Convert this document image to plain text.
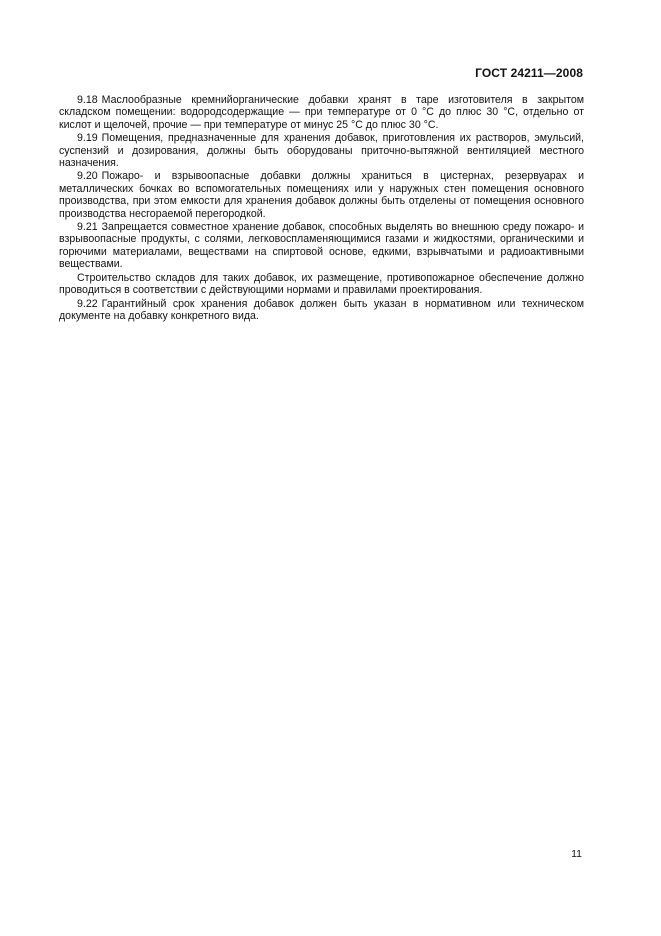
ГОСТ 24211—2008

9.18 Маслообразные кремнийорганические добавки хранят в таре изготовителя в закрытом складском помещении: водородсодержащие — при температуре от 0 °С до плюс 30 °С, отдельно от кислот и щелочей, прочие — при температуре от минус 25 °С до плюс 30 °С.

9.19 Помещения, предназначенные для хранения добавок, приготовления их растворов, эмульсий, суспензий и дозирования, должны быть оборудованы приточно-вытяжной вентиляцией местного назначения.

9.20 Пожаро- и взрывоопасные добавки должны храниться в цистернах, резервуарах и металлических бочках во вспомогательных помещениях или у наружных стен помещения основного производства, при этом емкости для хранения добавок должны быть отделены от помещения основного производства несгораемой перегородкой.

9.21 Запрещается совместное хранение добавок, способных выделять во внешнюю среду пожаро- и взрывоопасные продукты, с солями, легковоспламеняющимися газами и жидкостями, органическими и горючими материалами, веществами на спиртовой основе, едкими, взрывчатыми и радиоактивными веществами.

Строительство складов для таких добавок, их размещение, противопожарное обеспечение должно проводиться в соответствии с действующими нормами и правилами проектирования.

9.22 Гарантийный срок хранения добавок должен быть указан в нормативном или техническом документе на добавку конкретного вида.

11
